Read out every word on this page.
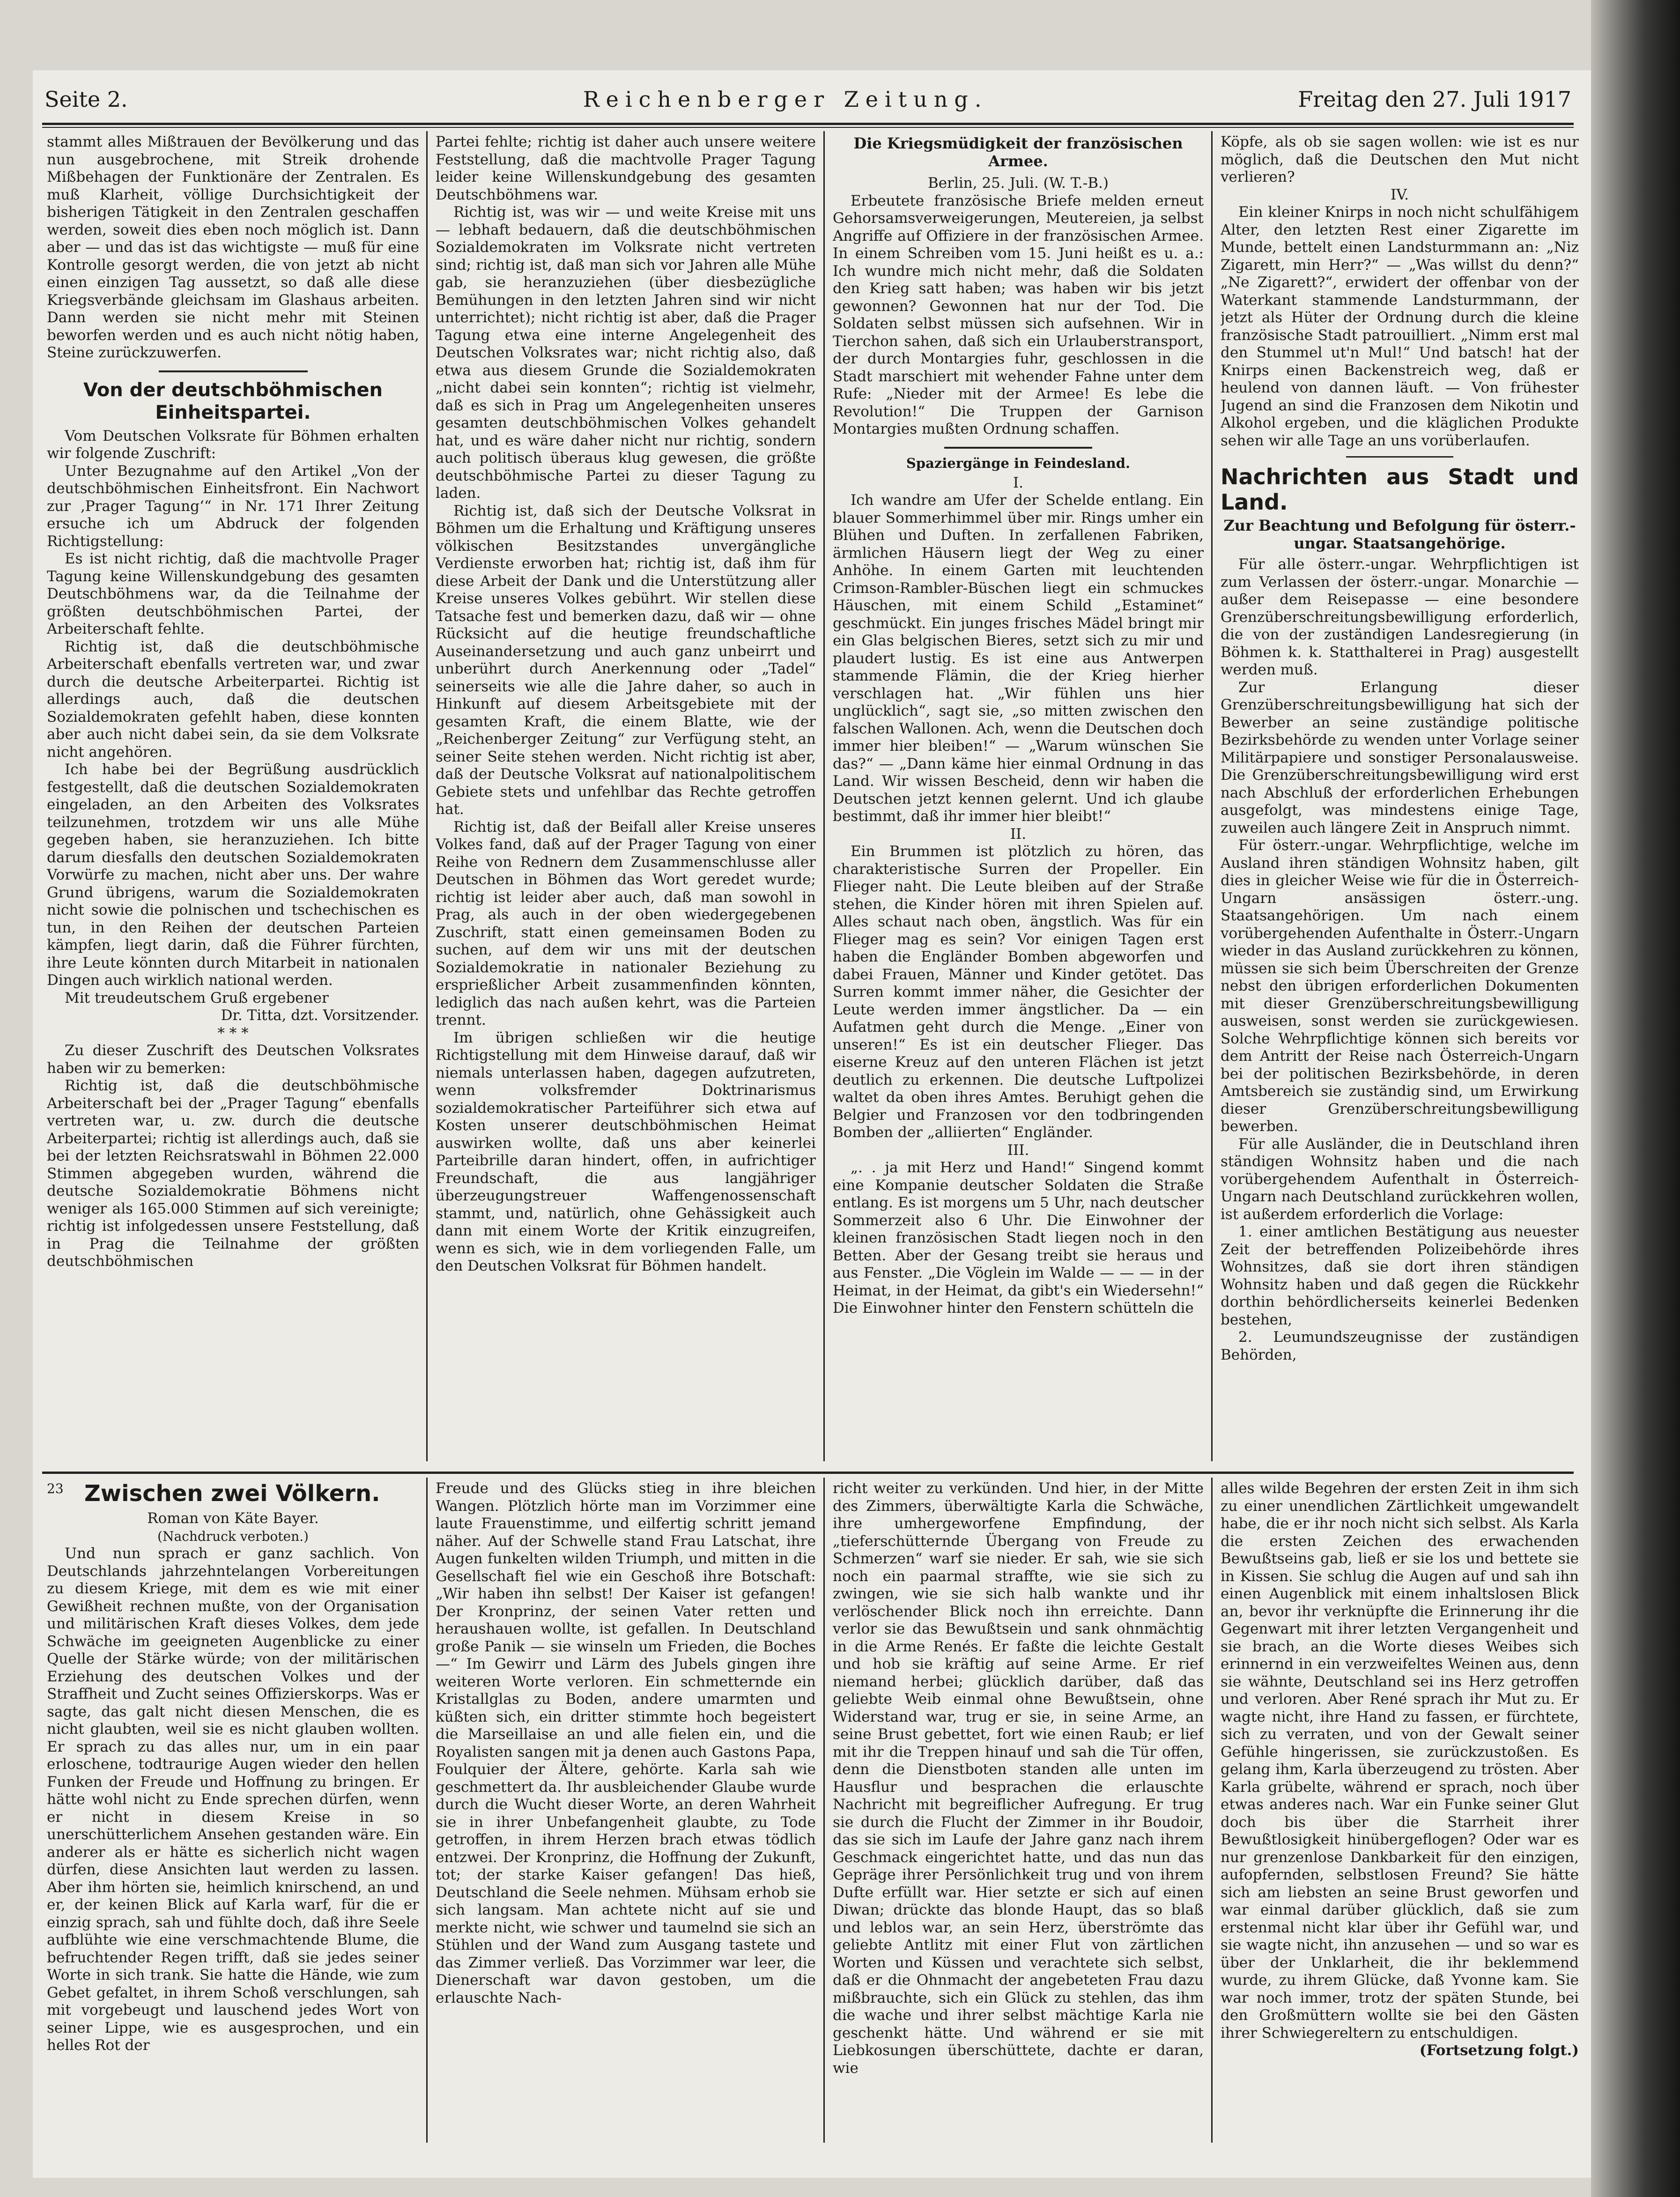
Seite 2.	Reichenberger Zeitung.	Freitag den 27. Juli 1917

stammt alles Mißtrauen der Bevölkerung und das nun ausgebrochene, mit Streik drohende Mißbehagen der Funktionäre der Zentralen. Es muß Klarheit, völlige Durchsichtigkeit der bisherigen Tätigkeit in den Zentralen geschaffen werden, soweit dies eben noch möglich ist. Dann aber — und das ist das wichtigste — muß für eine Kontrolle gesorgt werden, die von jetzt ab nicht einen einzigen Tag aussetzt, so daß alle diese Kriegsverbände gleichsam im Glashaus arbeiten. Dann werden sie nicht mehr mit Steinen beworfen werden und es auch nicht nötig haben, Steine zurückzuwerfen.

Von der deutschböhmischen Einheitspartei.

Vom Deutschen Volksrate für Böhmen erhalten wir folgende Zuschrift:

Unter Bezugnahme auf den Artikel „Von der deutschböhmischen Einheitsfront. Ein Nachwort zur ‚Prager Tagung‘“ in Nr. 171 Ihrer Zeitung ersuche ich um Abdruck der folgenden Richtigstellung:

Es ist nicht richtig, daß die machtvolle Prager Tagung keine Willenskundgebung des gesamten Deutschböhmens war, da die Teilnahme der größten deutschböhmischen Partei, der Arbeiterschaft fehlte.

Richtig ist, daß die deutschböhmische Arbeiterschaft ebenfalls vertreten war, und zwar durch die deutsche Arbeiterpartei. Richtig ist allerdings auch, daß die deutschen Sozialdemokraten gefehlt haben, diese konnten aber auch nicht dabei sein, da sie dem Volksrate nicht angehören.

Ich habe bei der Begrüßung ausdrücklich festgestellt, daß die deutschen Sozialdemokraten eingeladen, an den Arbeiten des Volksrates teilzunehmen, trotzdem wir uns alle Mühe gegeben haben, sie heranzuziehen. Ich bitte darum diesfalls den deutschen Sozialdemokraten Vorwürfe zu machen, nicht aber uns. Der wahre Grund übrigens, warum die Sozialdemokraten nicht sowie die polnischen und tschechischen es tun, in den Reihen der deutschen Parteien kämpfen, liegt darin, daß die Führer fürchten, ihre Leute könnten durch Mitarbeit in nationalen Dingen auch wirklich national werden.

Mit treudeutschem Gruß ergebener

Dr. Titta, dzt. Vorsitzender.
* * *

Zu dieser Zuschrift des Deutschen Volksrates haben wir zu bemerken:

Richtig ist, daß die deutschböhmische Arbeiterschaft bei der „Prager Tagung“ ebenfalls vertreten war, u. zw. durch die deutsche Arbeiterpartei; richtig ist allerdings auch, daß sie bei der letzten Reichsratswahl in Böhmen 22.000 Stimmen abgegeben wurden, während die deutsche Sozialdemokratie Böhmens nicht weniger als 165.000 Stimmen auf sich vereinigte; richtig ist infolgedessen unsere Feststellung, daß in Prag die Teilnahme der größten deutschböhmischen

Partei fehlte; richtig ist daher auch unsere weitere Feststellung, daß die machtvolle Prager Tagung leider keine Willenskundgebung des gesamten Deutschböhmens war.

Richtig ist, was wir — und weite Kreise mit uns — lebhaft bedauern, daß die deutschböhmischen Sozialdemokraten im Volksrate nicht vertreten sind; richtig ist, daß man sich vor Jahren alle Mühe gab, sie heranzuziehen (über diesbezügliche Bemühungen in den letzten Jahren sind wir nicht unterrichtet); nicht richtig ist aber, daß die Prager Tagung etwa eine interne Angelegenheit des Deutschen Volksrates war; nicht richtig also, daß etwa aus diesem Grunde die Sozialdemokraten „nicht dabei sein konnten“; richtig ist vielmehr, daß es sich in Prag um Angelegenheiten unseres gesamten deutschböhmischen Volkes gehandelt hat, und es wäre daher nicht nur richtig, sondern auch politisch überaus klug gewesen, die größte deutschböhmische Partei zu dieser Tagung zu laden.

Richtig ist, daß sich der Deutsche Volksrat in Böhmen um die Erhaltung und Kräftigung unseres völkischen Besitzstandes unvergängliche Verdienste erworben hat; richtig ist, daß ihm für diese Arbeit der Dank und die Unterstützung aller Kreise unseres Volkes gebührt. Wir stellen diese Tatsache fest und bemerken dazu, daß wir — ohne Rücksicht auf die heutige freundschaftliche Auseinandersetzung und auch ganz unbeirrt und unberührt durch Anerkennung oder „Tadel“ seinerseits wie alle die Jahre daher, so auch in Hinkunft auf diesem Arbeitsgebiete mit der gesamten Kraft, die einem Blatte, wie der „Reichenberger Zeitung“ zur Verfügung steht, an seiner Seite stehen werden. Nicht richtig ist aber, daß der Deutsche Volksrat auf nationalpolitischem Gebiete stets und unfehlbar das Rechte getroffen hat.

Richtig ist, daß der Beifall aller Kreise unseres Volkes fand, daß auf der Prager Tagung von einer Reihe von Rednern dem Zusammenschlusse aller Deutschen in Böhmen das Wort geredet wurde; richtig ist leider aber auch, daß man sowohl in Prag, als auch in der oben wiedergegebenen Zuschrift, statt einen gemeinsamen Boden zu suchen, auf dem wir uns mit der deutschen Sozialdemokratie in nationaler Beziehung zu ersprießlicher Arbeit zusammenfinden könnten, lediglich das nach außen kehrt, was die Parteien trennt.

Im übrigen schließen wir die heutige Richtigstellung mit dem Hinweise darauf, daß wir niemals unterlassen haben, dagegen aufzutreten, wenn volksfremder Doktrinarismus sozialdemokratischer Parteiführer sich etwa auf Kosten unserer deutschböhmischen Heimat auswirken wollte, daß uns aber keinerlei Parteibrille daran hindert, offen, in aufrichtiger Freundschaft, die aus langjähriger überzeugungstreuer Waffengenossenschaft stammt, und, natürlich, ohne Gehässigkeit auch dann mit einem Worte der Kritik einzugreifen, wenn es sich, wie in dem vorliegenden Falle, um den Deutschen Volksrat für Böhmen handelt.

Die Kriegsmüdigkeit der französischen Armee.
Berlin, 25. Juli. (W. T.-B.)

Erbeutete französische Briefe melden erneut Gehorsamsverweigerungen, Meutereien, ja selbst Angriffe auf Offiziere in der französischen Armee. In einem Schreiben vom 15. Juni heißt es u. a.: Ich wundre mich nicht mehr, daß die Soldaten den Krieg satt haben; was haben wir bis jetzt gewonnen? Gewonnen hat nur der Tod. Die Soldaten selbst müssen sich aufsehnen. Wir in Tierchon sahen, daß sich ein Urlauberstransport, der durch Montargies fuhr, geschlossen in die Stadt marschiert mit wehender Fahne unter dem Rufe: „Nieder mit der Armee! Es lebe die Revolution!“ Die Truppen der Garnison Montargies mußten Ordnung schaffen.

Spaziergänge in Feindesland.
I.

Ich wandre am Ufer der Schelde entlang. Ein blauer Sommerhimmel über mir. Rings umher ein Blühen und Duften. In zerfallenen Fabriken, ärmlichen Häusern liegt der Weg zu einer Anhöhe. In einem Garten mit leuchtenden Crimson-Rambler-Büschen liegt ein schmuckes Häuschen, mit einem Schild „Estaminet“ geschmückt. Ein junges frisches Mädel bringt mir ein Glas belgischen Bieres, setzt sich zu mir und plaudert lustig. Es ist eine aus Antwerpen stammende Flämin, die der Krieg hierher verschlagen hat. „Wir fühlen uns hier unglücklich“, sagt sie, „so mitten zwischen den falschen Wallonen. Ach, wenn die Deutschen doch immer hier bleiben!“ — „Warum wünschen Sie das?“ — „Dann käme hier einmal Ordnung in das Land. Wir wissen Bescheid, denn wir haben die Deutschen jetzt kennen gelernt. Und ich glaube bestimmt, daß ihr immer hier bleibt!“

II.

Ein Brummen ist plötzlich zu hören, das charakteristische Surren der Propeller. Ein Flieger naht. Die Leute bleiben auf der Straße stehen, die Kinder hören mit ihren Spielen auf. Alles schaut nach oben, ängstlich. Was für ein Flieger mag es sein? Vor einigen Tagen erst haben die Engländer Bomben abgeworfen und dabei Frauen, Männer und Kinder getötet. Das Surren kommt immer näher, die Gesichter der Leute werden immer ängstlicher. Da — ein Aufatmen geht durch die Menge. „Einer von unseren!“ Es ist ein deutscher Flieger. Das eiserne Kreuz auf den unteren Flächen ist jetzt deutlich zu erkennen. Die deutsche Luftpolizei waltet da oben ihres Amtes. Beruhigt gehen die Belgier und Franzosen vor den todbringenden Bomben der „alliierten“ Engländer.

III.

„. . ja mit Herz und Hand!“ Singend kommt eine Kompanie deutscher Soldaten die Straße entlang. Es ist morgens um 5 Uhr, nach deutscher Sommerzeit also 6 Uhr. Die Einwohner der kleinen französischen Stadt liegen noch in den Betten. Aber der Gesang treibt sie heraus und aus Fenster. „Die Vöglein im Walde — — — in der Heimat, in der Heimat, da gibt's ein Wiedersehn!“ Die Einwohner hinter den Fenstern schütteln die

Köpfe, als ob sie sagen wollen: wie ist es nur möglich, daß die Deutschen den Mut nicht verlieren?

IV.

Ein kleiner Knirps in noch nicht schulfähigem Alter, den letzten Rest einer Zigarette im Munde, bettelt einen Landsturmmann an: „Niz Zigarett, min Herr?“ — „Was willst du denn?“ „Ne Zigarett?“, erwidert der offenbar von der Waterkant stammende Landsturmmann, der jetzt als Hüter der Ordnung durch die kleine französische Stadt patrouilliert. „Nimm erst mal den Stummel ut'n Mul!“ Und batsch! hat der Knirps einen Backenstreich weg, daß er heulend von dannen läuft. — Von frühester Jugend an sind die Franzosen dem Nikotin und Alkohol ergeben, und die kläglichen Produkte sehen wir alle Tage an uns vorüberlaufen.

Nachrichten aus Stadt und Land.
Zur Beachtung und Befolgung für österr.-ungar. Staatsangehörige.

Für alle österr.-ungar. Wehrpflichtigen ist zum Verlassen der österr.-ungar. Monarchie — außer dem Reisepasse — eine besondere Grenzüberschreitungsbewilligung erforderlich, die von der zuständigen Landesregierung (in Böhmen k. k. Statthalterei in Prag) ausgestellt werden muß.

Zur Erlangung dieser Grenzüberschreitungsbewilligung hat sich der Bewerber an seine zuständige politische Bezirksbehörde zu wenden unter Vorlage seiner Militärpapiere und sonstiger Personalausweise. Die Grenzüberschreitungsbewilligung wird erst nach Abschluß der erforderlichen Erhebungen ausgefolgt, was mindestens einige Tage, zuweilen auch längere Zeit in Anspruch nimmt.

Für österr.-ungar. Wehrpflichtige, welche im Ausland ihren ständigen Wohnsitz haben, gilt dies in gleicher Weise wie für die in Österreich-Ungarn ansässigen österr.-ung. Staatsangehörigen. Um nach einem vorübergehenden Aufenthalte in Österr.-Ungarn wieder in das Ausland zurückkehren zu können, müssen sie sich beim Überschreiten der Grenze nebst den übrigen erforderlichen Dokumenten mit dieser Grenzüberschreitungsbewilligung ausweisen, sonst werden sie zurückgewiesen. Solche Wehrpflichtige können sich bereits vor dem Antritt der Reise nach Österreich-Ungarn bei der politischen Bezirksbehörde, in deren Amtsbereich sie zuständig sind, um Erwirkung dieser Grenzüberschreitungsbewilligung bewerben.

Für alle Ausländer, die in Deutschland ihren ständigen Wohnsitz haben und die nach vorübergehendem Aufenthalt in Österreich-Ungarn nach Deutschland zurückkehren wollen, ist außerdem erforderlich die Vorlage:

1. einer amtlichen Bestätigung aus neuester Zeit der betreffenden Polizeibehörde ihres Wohnsitzes, daß sie dort ihren ständigen Wohnsitz haben und daß gegen die Rückkehr dorthin behördlicherseits keinerlei Bedenken bestehen,

2. Leumundszeugnisse der zuständigen Behörden,

23 Zwischen zwei Völkern.
Roman von Käte Bayer.
(Nachdruck verboten.)

Und nun sprach er ganz sachlich. Von Deutschlands jahrzehntelangen Vorbereitungen zu diesem Kriege, mit dem es wie mit einer Gewißheit rechnen mußte, von der Organisation und militärischen Kraft dieses Volkes, dem jede Schwäche im geeigneten Augenblicke zu einer Quelle der Stärke würde; von der militärischen Erziehung des deutschen Volkes und der Straffheit und Zucht seines Offizierskorps. Was er sagte, das galt nicht diesen Menschen, die es nicht glaubten, weil sie es nicht glauben wollten. Er sprach zu das alles nur, um in ein paar erloschene, todtraurige Augen wieder den hellen Funken der Freude und Hoffnung zu bringen. Er hätte wohl nicht zu Ende sprechen dürfen, wenn er nicht in diesem Kreise in so unerschütterlichem Ansehen gestanden wäre. Ein anderer als er hätte es sicherlich nicht wagen dürfen, diese Ansichten laut werden zu lassen. Aber ihm hörten sie, heimlich knirschend, an und er, der keinen Blick auf Karla warf, für die er einzig sprach, sah und fühlte doch, daß ihre Seele aufblühte wie eine verschmachtende Blume, die befruchtender Regen trifft, daß sie jedes seiner Worte in sich trank. Sie hatte die Hände, wie zum Gebet gefaltet, in ihrem Schoß verschlungen, sah mit vorgebeugt und lauschend jedes Wort von seiner Lippe, wie es ausgesprochen, und ein helles Rot der

Freude und des Glücks stieg in ihre bleichen Wangen. Plötzlich hörte man im Vorzimmer eine laute Frauenstimme, und eilfertig schritt jemand näher. Auf der Schwelle stand Frau Latschat, ihre Augen funkelten wilden Triumph, und mitten in die Gesellschaft fiel wie ein Geschoß ihre Botschaft: „Wir haben ihn selbst! Der Kaiser ist gefangen! Der Kronprinz, der seinen Vater retten und heraushauen wollte, ist gefallen. In Deutschland große Panik — sie winseln um Frieden, die Boches —“ Im Gewirr und Lärm des Jubels gingen ihre weiteren Worte verloren. Ein schmetternde ein Kristallglas zu Boden, andere umarmten und küßten sich, ein dritter stimmte hoch begeistert die Marseillaise an und alle fielen ein, und die Royalisten sangen mit ja denen auch Gastons Papa, Foulquier der Ältere, gehörte. Karla sah wie geschmettert da. Ihr ausbleichender Glaube wurde durch die Wucht dieser Worte, an deren Wahrheit sie in ihrer Unbefangenheit glaubte, zu Tode getroffen, in ihrem Herzen brach etwas tödlich entzwei. Der Kronprinz, die Hoffnung der Zukunft, tot; der starke Kaiser gefangen! Das hieß, Deutschland die Seele nehmen. Mühsam erhob sie sich langsam. Man achtete nicht auf sie und merkte nicht, wie schwer und taumelnd sie sich an Stühlen und der Wand zum Ausgang tastete und das Zimmer verließ. Das Vorzimmer war leer, die Dienerschaft war davon gestoben, um die erlauschte Nach-

richt weiter zu verkünden. Und hier, in der Mitte des Zimmers, überwältigte Karla die Schwäche, ihre umhergeworfene Empfindung, der „tieferschütternde Übergang von Freude zu Schmerzen“ warf sie nieder. Er sah, wie sie sich noch ein paarmal straffte, wie sie sich zu zwingen, wie sie sich halb wankte und ihr verlöschender Blick noch ihn erreichte. Dann verlor sie das Bewußtsein und sank ohnmächtig in die Arme Renés. Er faßte die leichte Gestalt und hob sie kräftig auf seine Arme. Er rief niemand herbei; glücklich darüber, daß das geliebte Weib einmal ohne Bewußtsein, ohne Widerstand war, trug er sie, in seine Arme, an seine Brust gebettet, fort wie einen Raub; er lief mit ihr die Treppen hinauf und sah die Tür offen, denn die Dienstboten standen alle unten im Hausflur und besprachen die erlauschte Nachricht mit begreiflicher Aufregung. Er trug sie durch die Flucht der Zimmer in ihr Boudoir, das sie sich im Laufe der Jahre ganz nach ihrem Geschmack eingerichtet hatte, und das nun das Gepräge ihrer Persönlichkeit trug und von ihrem Dufte erfüllt war. Hier setzte er sich auf einen Diwan; drückte das blonde Haupt, das so blaß und leblos war, an sein Herz, überströmte das geliebte Antlitz mit einer Flut von zärtlichen Worten und Küssen und verachtete sich selbst, daß er die Ohnmacht der angebeteten Frau dazu mißbrauchte, sich ein Glück zu stehlen, das ihm die wache und ihrer selbst mächtige Karla nie geschenkt hätte. Und während er sie mit Liebkosungen überschüttete, dachte er daran, wie

alles wilde Begehren der ersten Zeit in ihm sich zu einer unendlichen Zärtlichkeit umgewandelt habe, die er ihr noch nicht sich selbst. Als Karla die ersten Zeichen des erwachenden Bewußtseins gab, ließ er sie los und bettete sie in Kissen. Sie schlug die Augen auf und sah ihn einen Augenblick mit einem inhaltslosen Blick an, bevor ihr verknüpfte die Erinnerung ihr die Gegenwart mit ihrer letzten Vergangenheit und sie brach, an die Worte dieses Weibes sich erinnernd in ein verzweifeltes Weinen aus, denn sie wähnte, Deutschland sei ins Herz getroffen und verloren. Aber René sprach ihr Mut zu. Er wagte nicht, ihre Hand zu fassen, er fürchtete, sich zu verraten, und von der Gewalt seiner Gefühle hingerissen, sie zurückzustoßen. Es gelang ihm, Karla überzeugend zu trösten. Aber Karla grübelte, während er sprach, noch über etwas anderes nach. War ein Funke seiner Glut doch bis über die Starrheit ihrer Bewußtlosigkeit hinübergeflogen? Oder war es nur grenzenlose Dankbarkeit für den einzigen, aufopfernden, selbstlosen Freund? Sie hätte sich am liebsten an seine Brust geworfen und war einmal darüber glücklich, daß sie zum erstenmal nicht klar über ihr Gefühl war, und sie wagte nicht, ihn anzusehen — und so war es über der Unklarheit, die ihr beklemmend wurde, zu ihrem Glücke, daß Yvonne kam. Sie war noch immer, trotz der späten Stunde, bei den Großmüttern wollte sie bei den Gästen ihrer Schwiegereltern zu entschuldigen.

(Fortsetzung folgt.)
